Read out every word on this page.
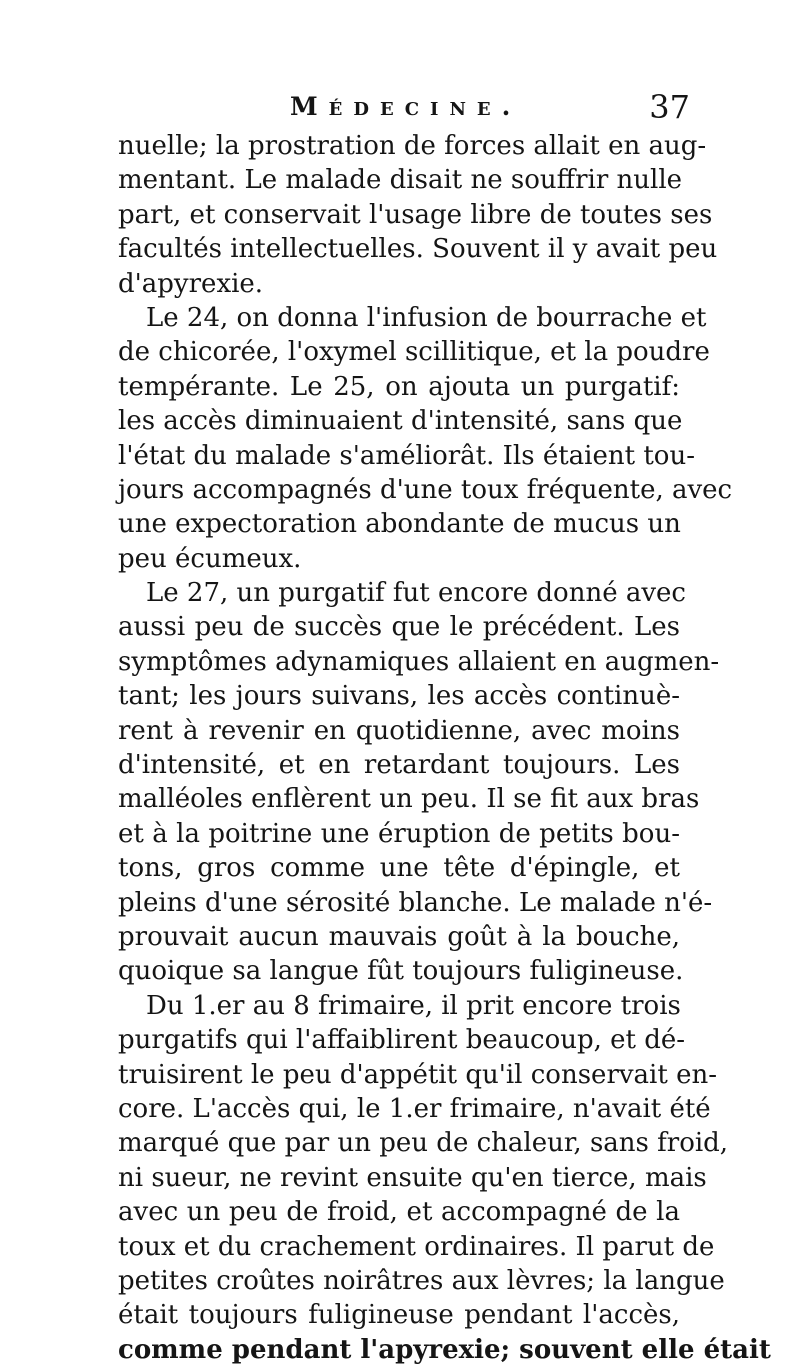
Médecine.	37
nuelle; la prostration de forces allait en aug-
mentant. Le malade disait ne souffrir nulle
part, et conservait l'usage libre de toutes ses
facultés intellectuelles. Souvent il y avait peu
d'apyrexie.
Le 24, on donna l'infusion de bourrache et
de chicorée, l'oxymel scillitique, et la poudre
tempérante. Le 25, on ajouta un purgatif:
les accès diminuaient d'intensité, sans que
l'état du malade s'améliorât. Ils étaient tou-
jours accompagnés d'une toux fréquente, avec
une expectoration abondante de mucus un
peu écumeux.
Le 27, un purgatif fut encore donné avec
aussi peu de succès que le précédent. Les
symptômes adynamiques allaient en augmen-
tant; les jours suivans, les accès continuè-
rent à revenir en quotidienne, avec moins
d'intensité, et en retardant toujours. Les
malléoles enflèrent un peu. Il se fit aux bras
et à la poitrine une éruption de petits bou-
tons, gros comme une tête d'épingle, et
pleins d'une sérosité blanche. Le malade n'é-
prouvait aucun mauvais goût à la bouche,
quoique sa langue fût toujours fuligineuse.
Du 1.er au 8 frimaire, il prit encore trois
purgatifs qui l'affaiblirent beaucoup, et dé-
truisirent le peu d'appétit qu'il conservait en-
core. L'accès qui, le 1.er frimaire, n'avait été
marqué que par un peu de chaleur, sans froid,
ni sueur, ne revint ensuite qu'en tierce, mais
avec un peu de froid, et accompagné de la
toux et du crachement ordinaires. Il parut de
petites croûtes noirâtres aux lèvres; la langue
était toujours fuligineuse pendant l'accès,
comme pendant l'apyrexie; souvent elle était
